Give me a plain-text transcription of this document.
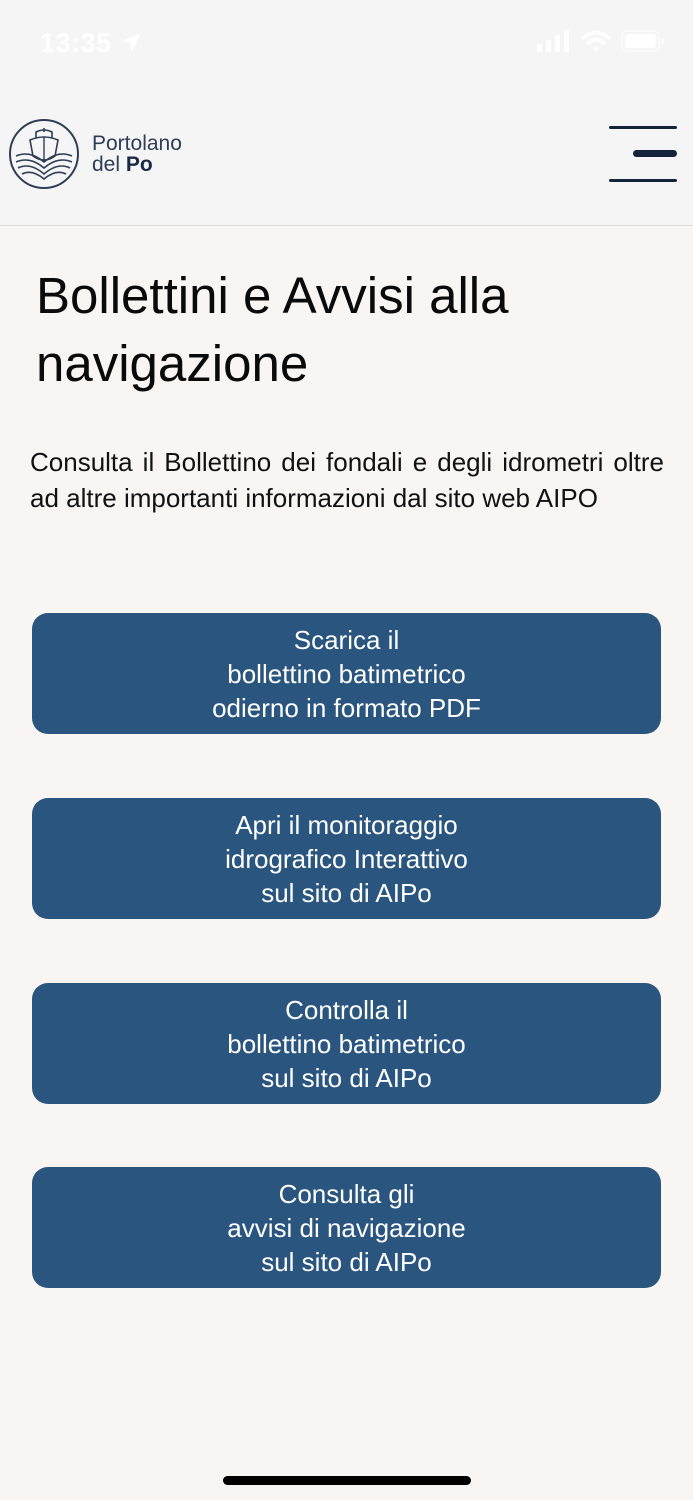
13:35
Portolano
del Po
Bollettini e Avvisi alla navigazione

Consulta il Bollettino dei fondali e degli idrometri oltre ad altre importanti informazioni dal sito web AIPO

Scarica il
bollettino batimetrico
odierno in formato PDF
Apri il monitoraggio
idrografico Interattivo
sul sito di AIPo
Controlla il
bollettino batimetrico
sul sito di AIPo
Consulta gli
avvisi di navigazione
sul sito di AIPo
